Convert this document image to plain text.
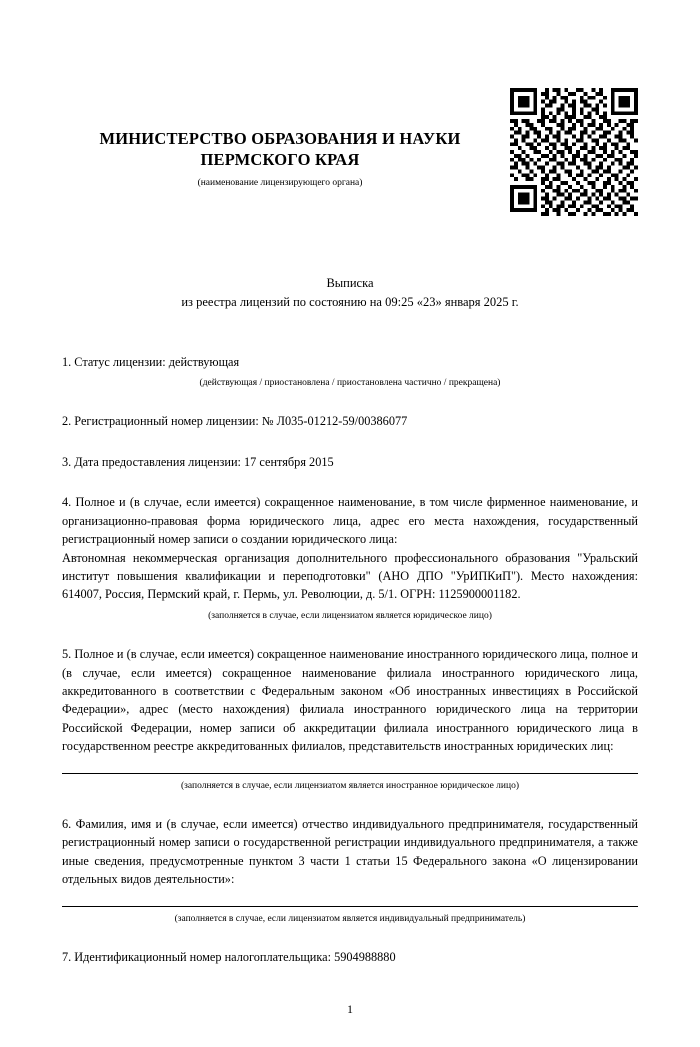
МИНИСТЕРСТВО ОБРАЗОВАНИЯ И НАУКИ ПЕРМСКОГО КРАЯ
(наименование лицензирующего органа)
Выписка
из реестра лицензий по состоянию на 09:25 «23» января 2025 г.
1. Статус лицензии: действующая
(действующая / приостановлена / приостановлена частично / прекращена)
2. Регистрационный номер лицензии: № Л035-01212-59/00386077
3. Дата предоставления лицензии: 17 сентября 2015
4. Полное и (в случае, если имеется) сокращенное наименование, в том числе фирменное наименование, и организационно-правовая форма юридического лица, адрес его места нахождения, государственный регистрационный номер записи о создании юридического лица:
Автономная некоммерческая организация дополнительного профессионального образования "Уральский институт повышения квалификации и переподготовки" (АНО ДПО "УрИПКиП"). Место нахождения: 614007, Россия, Пермский край, г. Пермь, ул. Революции, д. 5/1. ОГРН: 1125900001182.
(заполняется в случае, если лицензиатом является юридическое лицо)
5. Полное и (в случае, если имеется) сокращенное наименование иностранного юридического лица, полное и (в случае, если имеется) сокращенное наименование филиала иностранного юридического лица, аккредитованного в соответствии с Федеральным законом «Об иностранных инвестициях в Российской Федерации», адрес (место нахождения) филиала иностранного юридического лица на территории Российской Федерации, номер записи об аккредитации филиала иностранного юридического лица в государственном реестре аккредитованных филиалов, представительств иностранных юридических лиц:
(заполняется в случае, если лицензиатом является иностранное юридическое лицо)
6. Фамилия, имя и (в случае, если имеется) отчество индивидуального предпринимателя, государственный регистрационный номер записи о государственной регистрации индивидуального предпринимателя, а также иные сведения, предусмотренные пунктом 3 части 1 статьи 15 Федерального закона «О лицензировании отдельных видов деятельности»:
(заполняется в случае, если лицензиатом является индивидуальный предприниматель)
7. Идентификационный номер налогоплательщика: 5904988880
1
